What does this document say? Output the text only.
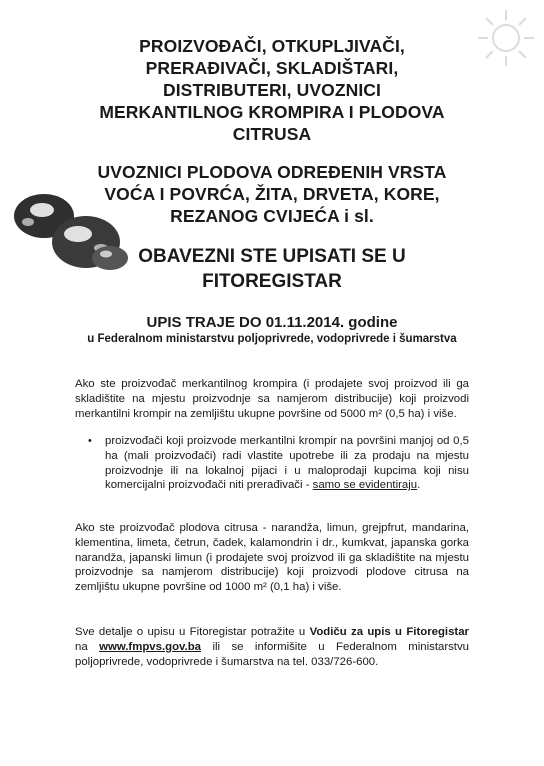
PROIZVOĐAČI, OTKUPLJIVAČI,
PRERAĐIVAČI, SKLADIŠTARI,
DISTRIBUTERI, UVOZNICI
MERKANTILNOG KROMPIRA I PLODOVA
CITRUSA
UVOZNICI PLODOVA ODREĐENIH VRSTA
VOĆA I POVRĆA, ŽITA, DRVETA, KORE,
REZANOG CVIJEĆA i sl.
OBAVEZNI STE UPISATI SE U
FITOREGISTAR
UPIS TRAJE DO 01.11.2014. godine
u Federalnom ministarstvu poljoprivrede, vodoprivrede i šumarstva
Ako ste proizvođač merkantilnog krompira (i prodajete svoj proizvod ili ga skladištite na mjestu proizvodnje sa namjerom distribucije) koji proizvodi merkantilni krompir na zemljištu ukupne površine od 5000 m² (0,5 ha) i više.
• proizvođači koji proizvode merkantilni krompir na površini manjoj od 0,5 ha (mali proizvođači) radi vlastite upotrebe ili za prodaju na mjestu proizvodnje ili na lokalnoj pijaci i u maloprodaji kupcima koji nisu komercijalni proizvođači niti prerađivači - samo se evidentiraju.
Ako ste proizvođač plodova citrusa - narandža, limun, grejpfrut, mandarina, klementina, limeta, četrun, čadek, kalamondrin i dr., kumkvat, japanska gorka narandža, japanski limun (i prodajete svoj proizvod ili ga skladištite na mjestu proizvodnje sa namjerom distribucije) koji proizvodi plodove citrusa na zemljištu ukupne površine od 1000 m² (0,1 ha) i više.
Sve detalje o upisu u Fitoregistar potražite u Vodiču za upis u Fitoregistar na www.fmpvs.gov.ba ili se informišite u Federalnom ministarstvu poljoprivrede, vodoprivrede i šumarstva na tel. 033/726-600.
